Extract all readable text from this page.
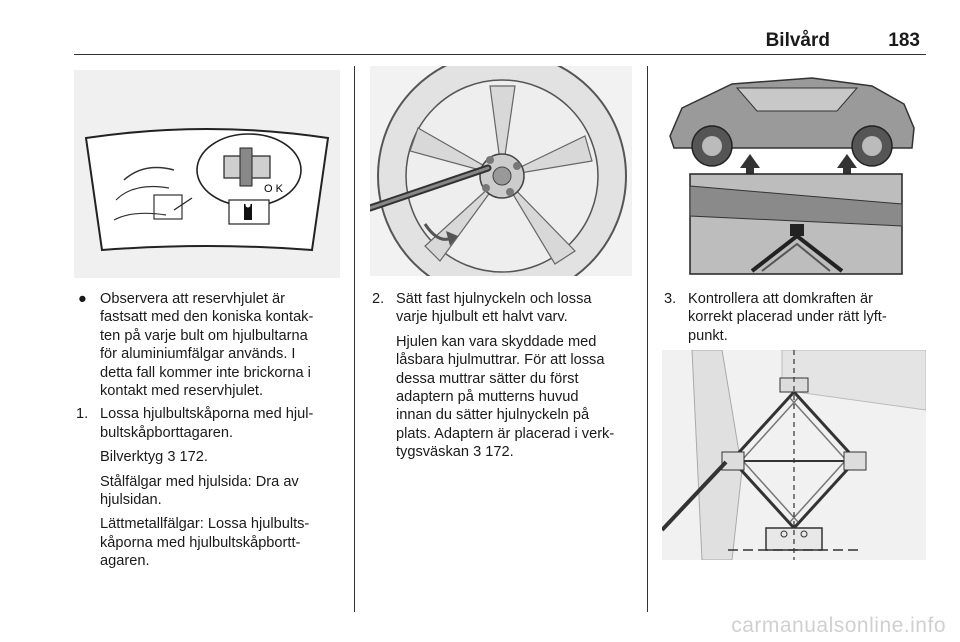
Bilvård	183
O K
● Observera att reservhjulet är

fastsatt med den koniska kontak-

ten på varje bult om hjulbultarna

för aluminiumfälgar används. I

detta fall kommer inte brickorna i

kontakt med reservhjulet.

1. Lossa hjulbultskåporna med hjul-

bultskåpborttagaren.

Bilverktyg 3 172.

Stålfälgar med hjulsida: Dra av

hjulsidan.

Lättmetallfälgar: Lossa hjulbults-

kåporna med hjulbultskåpbortt-

agaren.

2. Sätt fast hjulnyckeln och lossa

varje hjulbult ett halvt varv.

Hjulen kan vara skyddade med

låsbara hjulmuttrar. För att lossa

dessa muttrar sätter du först

adaptern på mutterns huvud

innan du sätter hjulnyckeln på

plats. Adaptern är placerad i verk-

tygsväskan 3 172.

3. Kontrollera att domkraften är

korrekt placerad under rätt lyft-

punkt.

carmanualsonline.info
